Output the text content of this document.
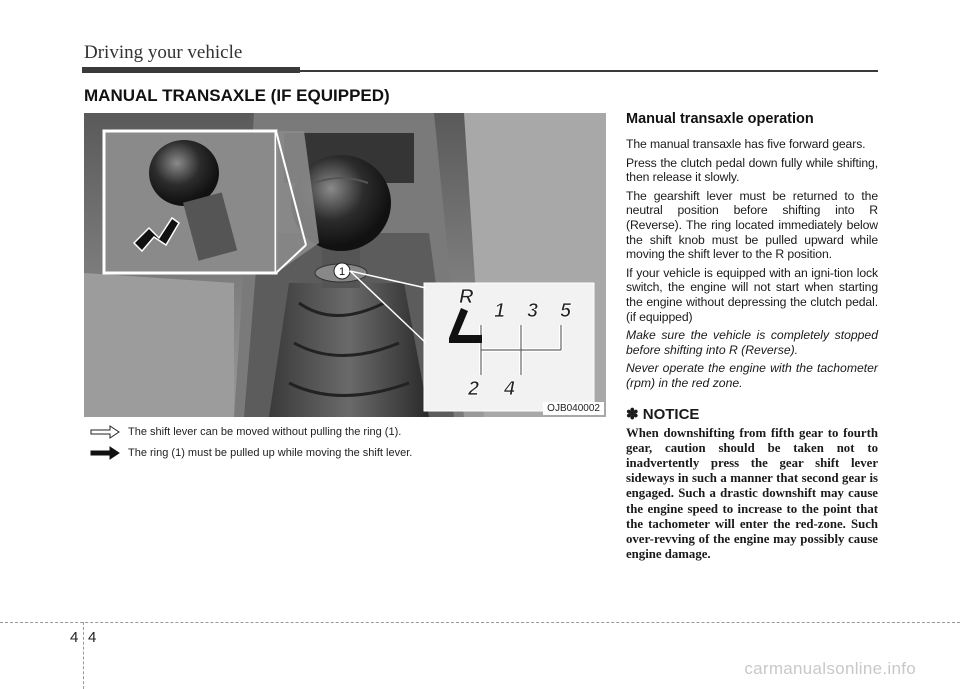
Driving your vehicle
MANUAL TRANSAXLE (IF EQUIPPED)
1
R
1 3 5
2 4
OJB040002
The shift lever can be moved without pulling the ring (1).
The ring (1) must be pulled up while moving the shift lever.
Manual transaxle operation

The manual transaxle has five forward gears.

Press the clutch pedal down fully while shifting, then release it slowly.

The gearshift lever must be returned to the neutral position before shifting into R (Reverse). The ring located immediately below the shift knob must be pulled upward while moving the shift lever to the R position.

If your vehicle is equipped with an igni-tion lock switch, the engine will not start when starting the engine without depressing the clutch pedal. (if equipped)

Make sure the vehicle is completely stopped before shifting into R (Reverse).

Never operate the engine with the tachometer (rpm) in the red zone.

✽ NOTICE
When downshifting from fifth gear to fourth gear, caution should be taken not to inadvertently press the gear shift lever sideways in such a manner that second gear is engaged. Such a drastic downshift may cause the engine speed to increase to the point that the tachometer will enter the red-zone. Such over-revving of the engine may possibly cause engine damage.
4 4
carmanualsonline.info
